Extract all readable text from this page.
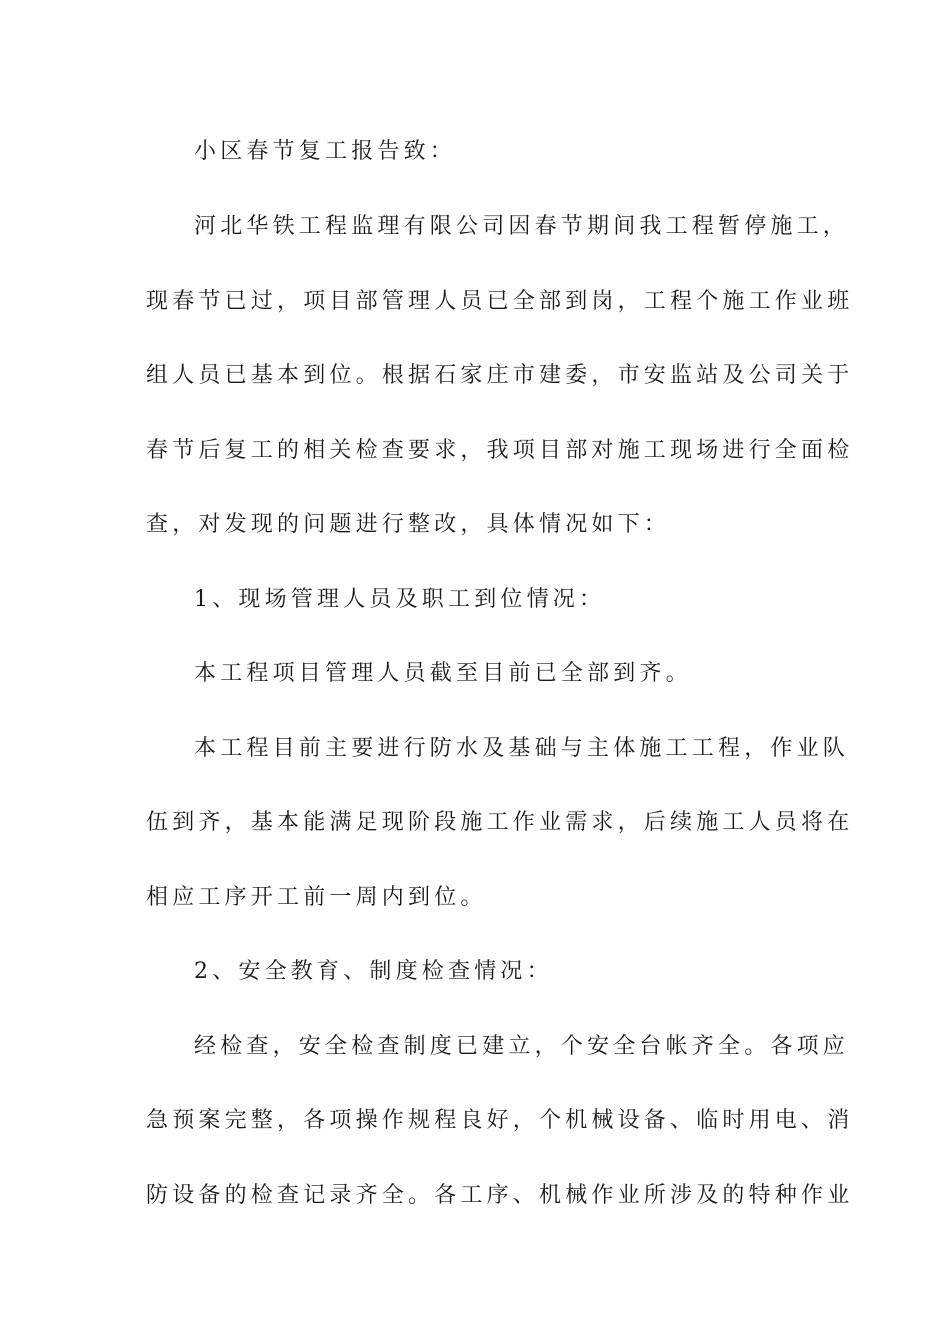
小区春节复工报告致：
河北华铁工程监理有限公司因春节期间我工程暂停施工，
现春节已过，项目部管理人员已全部到岗，工程个施工作业班
组人员已基本到位。根据石家庄市建委，市安监站及公司关于
春节后复工的相关检查要求，我项目部对施工现场进行全面检
查，对发现的问题进行整改，具体情况如下：
1、现场管理人员及职工到位情况：
本工程项目管理人员截至目前已全部到齐。
本工程目前主要进行防水及基础与主体施工工程，作业队
伍到齐，基本能满足现阶段施工作业需求，后续施工人员将在
相应工序开工前一周内到位。
2、安全教育、制度检查情况：
经检查，安全检查制度已建立，个安全台帐齐全。各项应
急预案完整，各项操作规程良好，个机械设备、临时用电、消
防设备的检查记录齐全。各工序、机械作业所涉及的特种作业
